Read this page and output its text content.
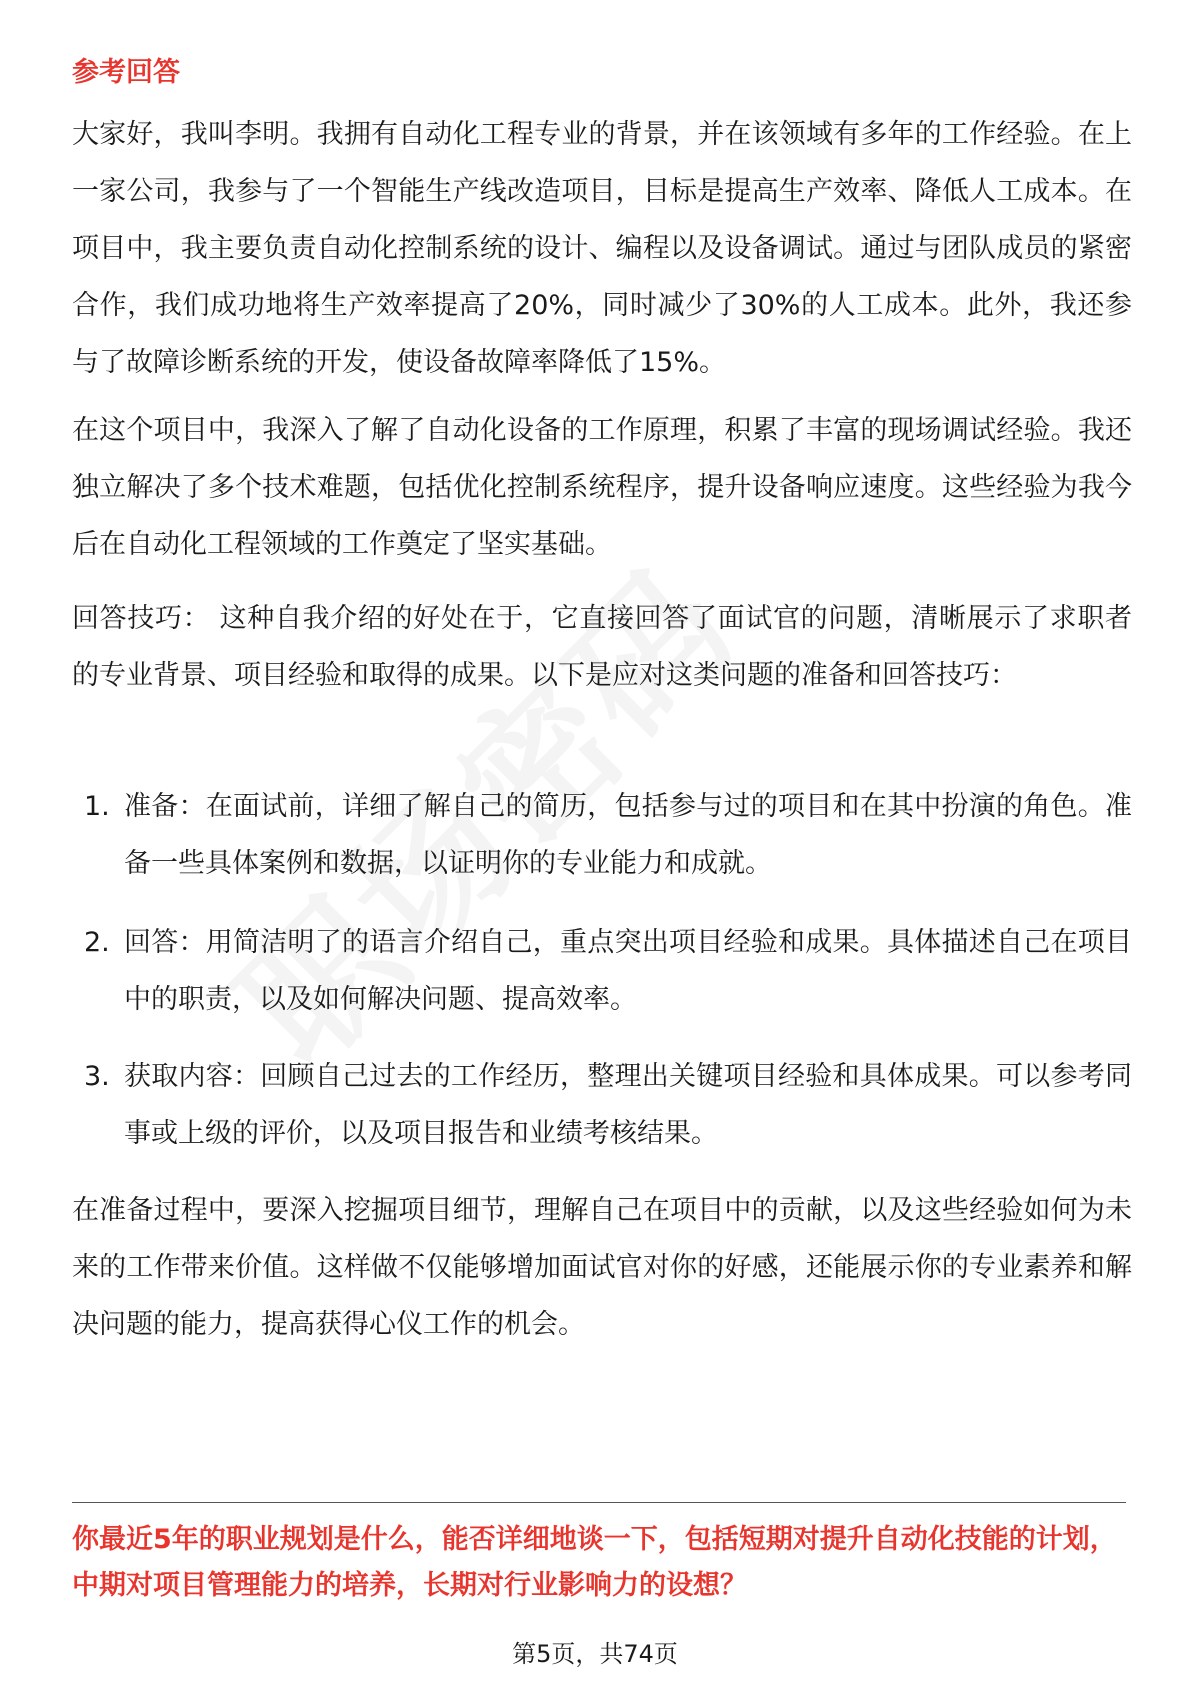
参考回答

大家好，我叫李明。我拥有自动化工程专业的背景，并在该领域有多年的工作经验。在上一家公司，我参与了一个智能生产线改造项目，目标是提高生产效率、降低人工成本。在项目中，我主要负责自动化控制系统的设计、编程以及设备调试。通过与团队成员的紧密合作，我们成功地将生产效率提高了20%，同时减少了30%的人工成本。此外，我还参与了故障诊断系统的开发，使设备故障率降低了15%。

在这个项目中，我深入了解了自动化设备的工作原理，积累了丰富的现场调试经验。我还独立解决了多个技术难题，包括优化控制系统程序，提升设备响应速度。这些经验为我今后在自动化工程领域的工作奠定了坚实基础。

回答技巧： 这种自我介绍的好处在于，它直接回答了面试官的问题，清晰展示了求职者的专业背景、项目经验和取得的成果。以下是应对这类问题的准备和回答技巧：

1. 准备：在面试前，详细了解自己的简历，包括参与过的项目和在其中扮演的角色。准备一些具体案例和数据，以证明你的专业能力和成就。
2. 回答：用简洁明了的语言介绍自己，重点突出项目经验和成果。具体描述自己在项目中的职责，以及如何解决问题、提高效率。
3. 获取内容：回顾自己过去的工作经历，整理出关键项目经验和具体成果。可以参考同事或上级的评价，以及项目报告和业绩考核结果。

在准备过程中，要深入挖掘项目细节，理解自己在项目中的贡献，以及这些经验如何为未来的工作带来价值。这样做不仅能够增加面试官对你的好感，还能展示你的专业素养和解决问题的能力，提高获得心仪工作的机会。

你最近5年的职业规划是什么，能否详细地谈一下，包括短期对提升自动化技能的计划，中期对项目管理能力的培养，长期对行业影响力的设想？

第5页，共74页
